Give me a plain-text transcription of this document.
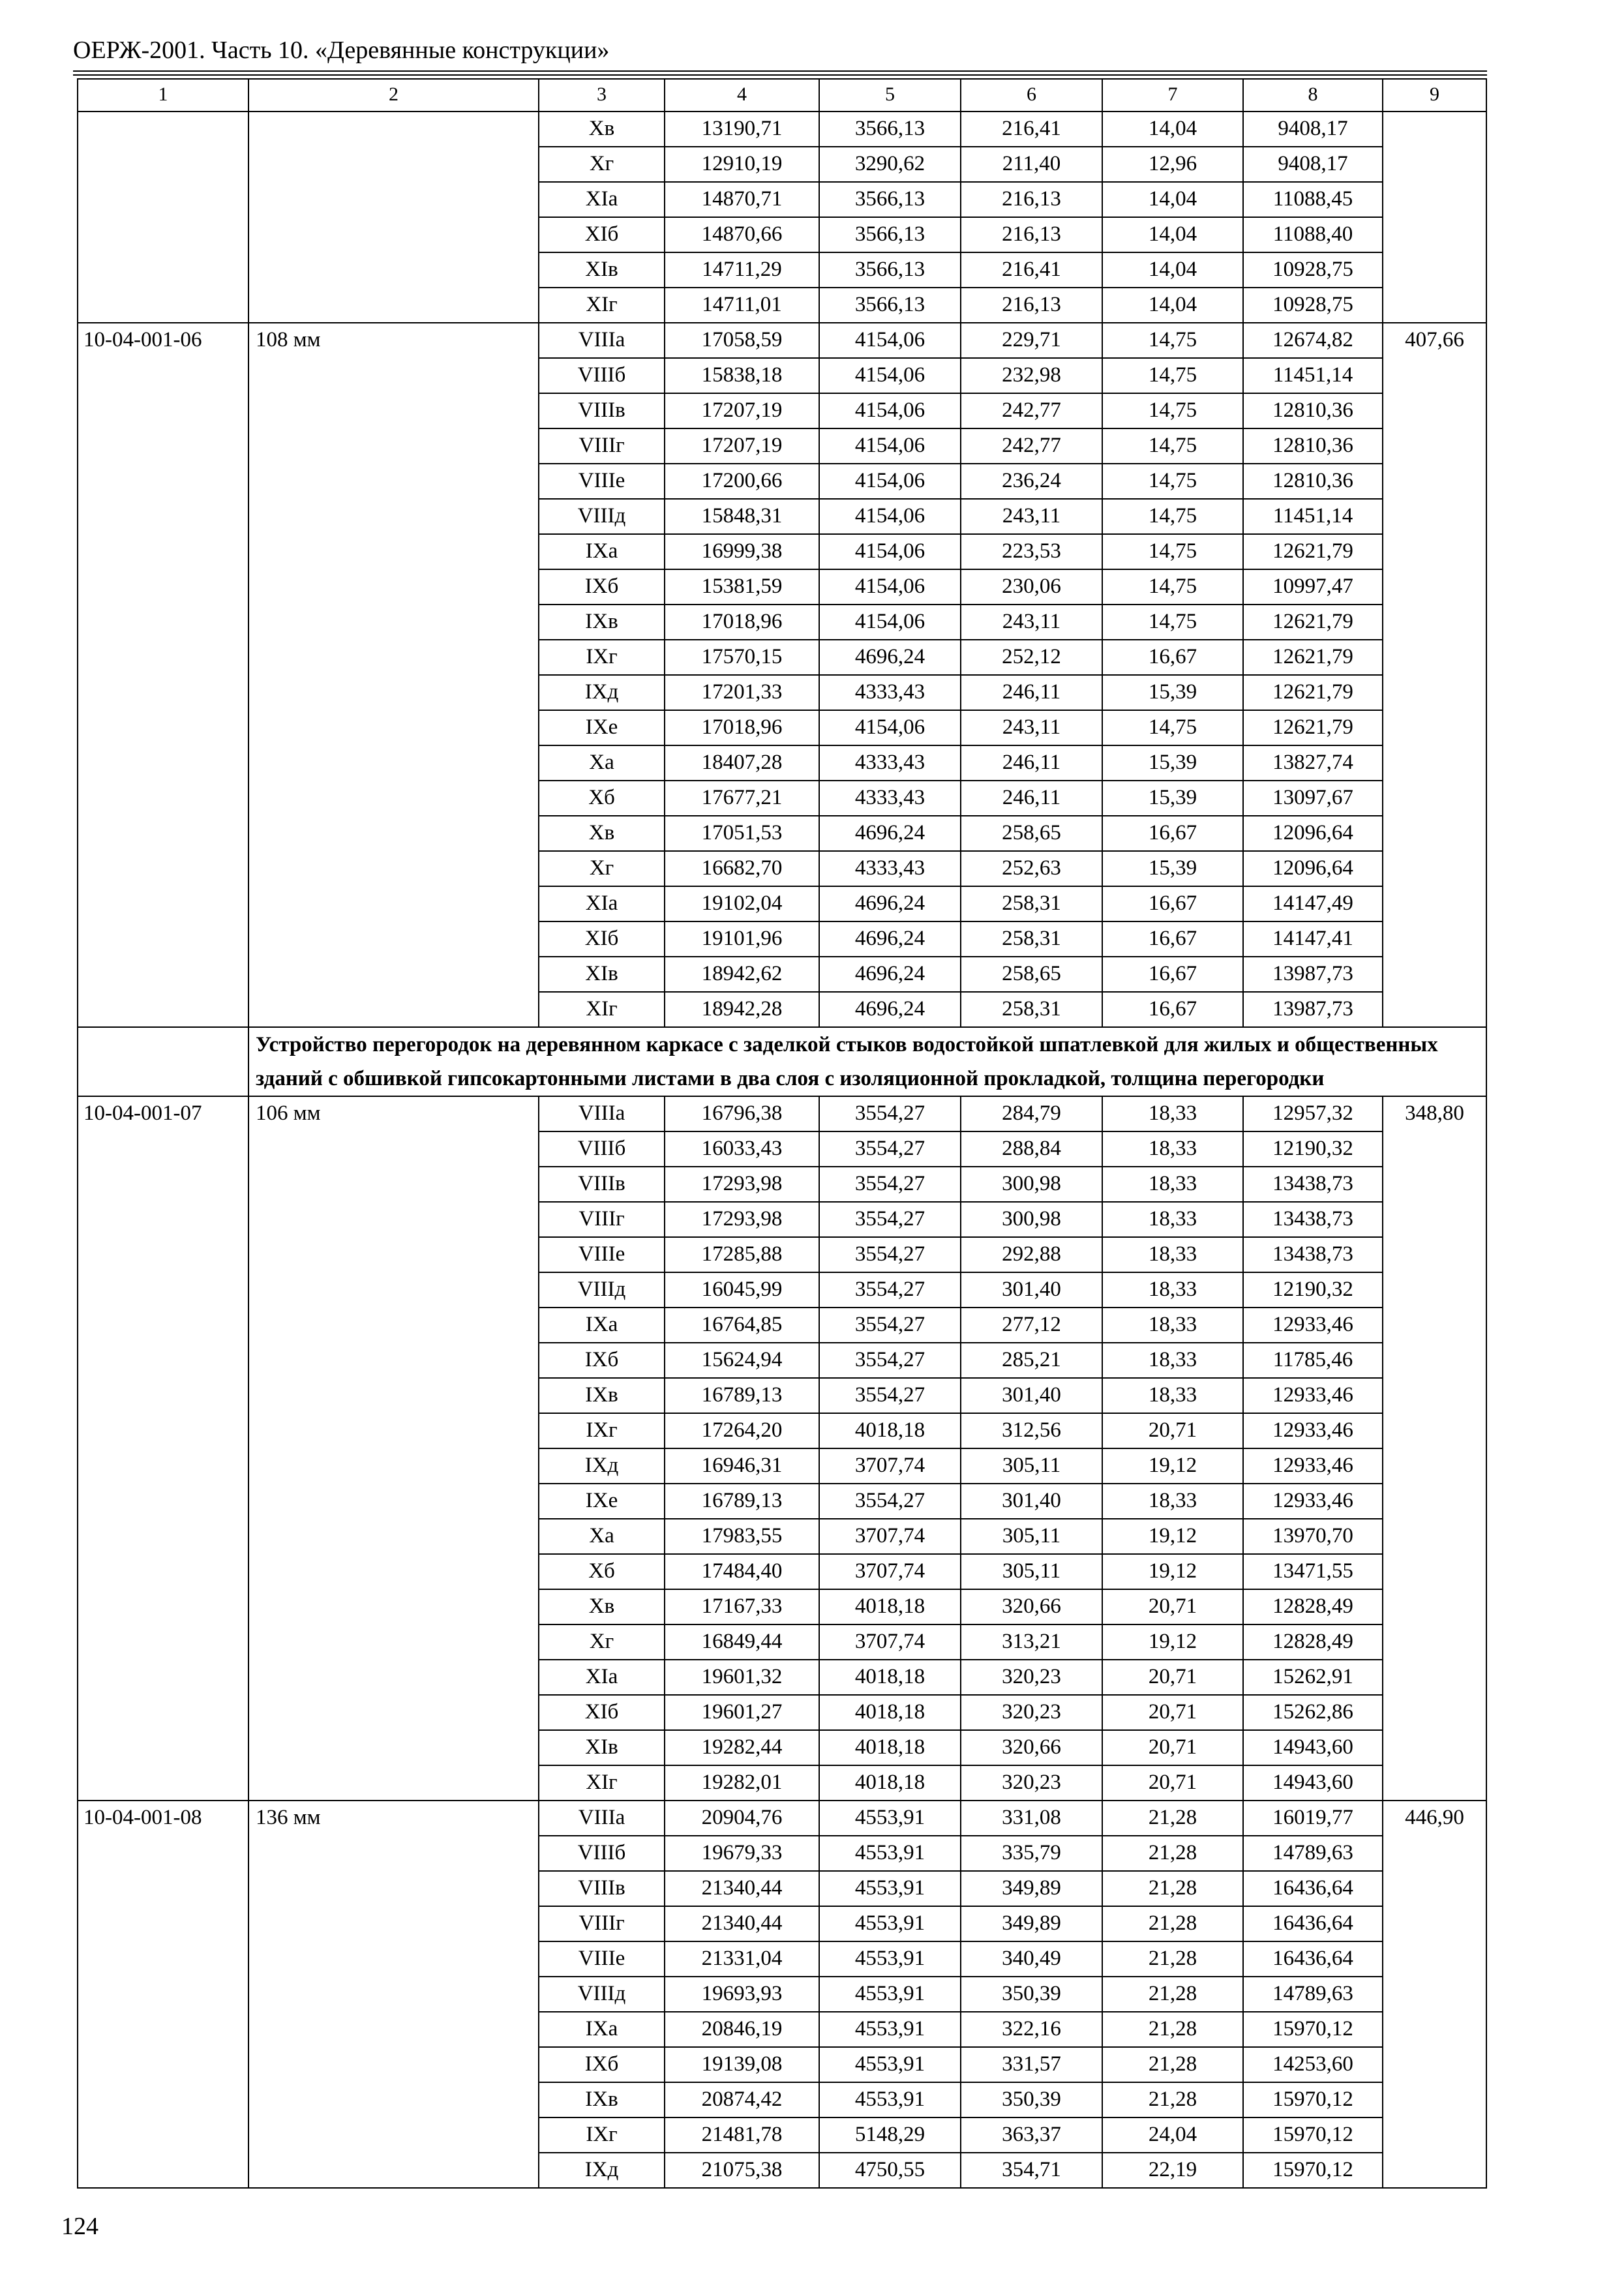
ОЕРЖ-2001. Часть 10. «Деревянные конструкции»
1	2	3	4	5	6	7	8	9
		Хв	13190,71	3566,13	216,41	14,04	9408,17	
		Хг	12910,19	3290,62	211,40	12,96	9408,17	
		ХIа	14870,71	3566,13	216,13	14,04	11088,45	
		ХIб	14870,66	3566,13	216,13	14,04	11088,40	
		ХIв	14711,29	3566,13	216,41	14,04	10928,75	
		ХIг	14711,01	3566,13	216,13	14,04	10928,75	
10-04-001-06	108 мм	VIIIа	17058,59	4154,06	229,71	14,75	12674,82	407,66
		VIIIб	15838,18	4154,06	232,98	14,75	11451,14	
		VIIIв	17207,19	4154,06	242,77	14,75	12810,36	
		VIIIг	17207,19	4154,06	242,77	14,75	12810,36	
		VIIIе	17200,66	4154,06	236,24	14,75	12810,36	
		VIIIд	15848,31	4154,06	243,11	14,75	11451,14	
		IХа	16999,38	4154,06	223,53	14,75	12621,79	
		IХб	15381,59	4154,06	230,06	14,75	10997,47	
		IХв	17018,96	4154,06	243,11	14,75	12621,79	
		IХг	17570,15	4696,24	252,12	16,67	12621,79	
		IХд	17201,33	4333,43	246,11	15,39	12621,79	
		IХе	17018,96	4154,06	243,11	14,75	12621,79	
		Ха	18407,28	4333,43	246,11	15,39	13827,74	
		Хб	17677,21	4333,43	246,11	15,39	13097,67	
		Хв	17051,53	4696,24	258,65	16,67	12096,64	
		Хг	16682,70	4333,43	252,63	15,39	12096,64	
		ХIа	19102,04	4696,24	258,31	16,67	14147,49	
		ХIб	19101,96	4696,24	258,31	16,67	14147,41	
		ХIв	18942,62	4696,24	258,65	16,67	13987,73	
		ХIг	18942,28	4696,24	258,31	16,67	13987,73	
	Устройство перегородок на деревянном каркасе с заделкой стыков водостойкой шпатлевкой для жилых и общественных зданий с обшивкой гипсокартонными листами в два слоя с изоляционной прокладкой, толщина перегородки							
10-04-001-07	106 мм	VIIIа	16796,38	3554,27	284,79	18,33	12957,32	348,80
		VIIIб	16033,43	3554,27	288,84	18,33	12190,32	
		VIIIв	17293,98	3554,27	300,98	18,33	13438,73	
		VIIIг	17293,98	3554,27	300,98	18,33	13438,73	
		VIIIе	17285,88	3554,27	292,88	18,33	13438,73	
		VIIIд	16045,99	3554,27	301,40	18,33	12190,32	
		IХа	16764,85	3554,27	277,12	18,33	12933,46	
		IХб	15624,94	3554,27	285,21	18,33	11785,46	
		IХв	16789,13	3554,27	301,40	18,33	12933,46	
		IХг	17264,20	4018,18	312,56	20,71	12933,46	
		IХд	16946,31	3707,74	305,11	19,12	12933,46	
		IХе	16789,13	3554,27	301,40	18,33	12933,46	
		Ха	17983,55	3707,74	305,11	19,12	13970,70	
		Хб	17484,40	3707,74	305,11	19,12	13471,55	
		Хв	17167,33	4018,18	320,66	20,71	12828,49	
		Хг	16849,44	3707,74	313,21	19,12	12828,49	
		ХIа	19601,32	4018,18	320,23	20,71	15262,91	
		ХIб	19601,27	4018,18	320,23	20,71	15262,86	
		ХIв	19282,44	4018,18	320,66	20,71	14943,60	
		ХIг	19282,01	4018,18	320,23	20,71	14943,60	
10-04-001-08	136 мм	VIIIа	20904,76	4553,91	331,08	21,28	16019,77	446,90
		VIIIб	19679,33	4553,91	335,79	21,28	14789,63	
		VIIIв	21340,44	4553,91	349,89	21,28	16436,64	
		VIIIг	21340,44	4553,91	349,89	21,28	16436,64	
		VIIIе	21331,04	4553,91	340,49	21,28	16436,64	
		VIIIд	19693,93	4553,91	350,39	21,28	14789,63	
		IХа	20846,19	4553,91	322,16	21,28	15970,12	
		IХб	19139,08	4553,91	331,57	21,28	14253,60	
		IХв	20874,42	4553,91	350,39	21,28	15970,12	
		IХг	21481,78	5148,29	363,37	24,04	15970,12	
		IХд	21075,38	4750,55	354,71	22,19	15970,12	
124
